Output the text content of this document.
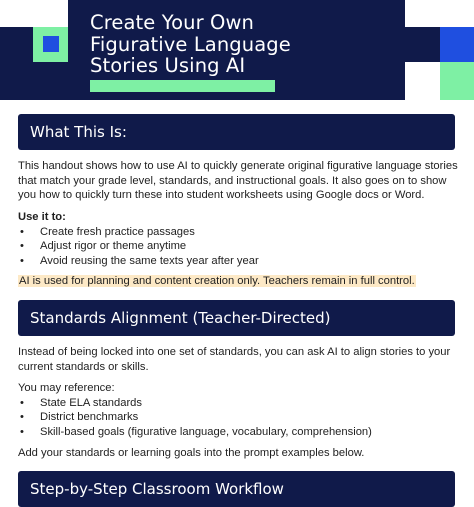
Create Your Own
Figurative Language
Stories Using AI
What This Is:
This handout shows how to use AI to quickly generate original figurative language stories
that match your grade level, standards, and instructional goals. It also goes on to show
you how to quickly turn these into student worksheets using Google docs or Word.
Use it to:
• Create fresh practice passages
• Adjust rigor or theme anytime
• Avoid reusing the same texts year after year
AI is used for planning and content creation only. Teachers remain in full control.
Standards Alignment (Teacher-Directed)
Instead of being locked into one set of standards, you can ask AI to align stories to your
current standards or skills.
You may reference:
• State ELA standards
• District benchmarks
• Skill-based goals (figurative language, vocabulary, comprehension)
Add your standards or learning goals into the prompt examples below.
Step-by-Step Classroom Workflow
